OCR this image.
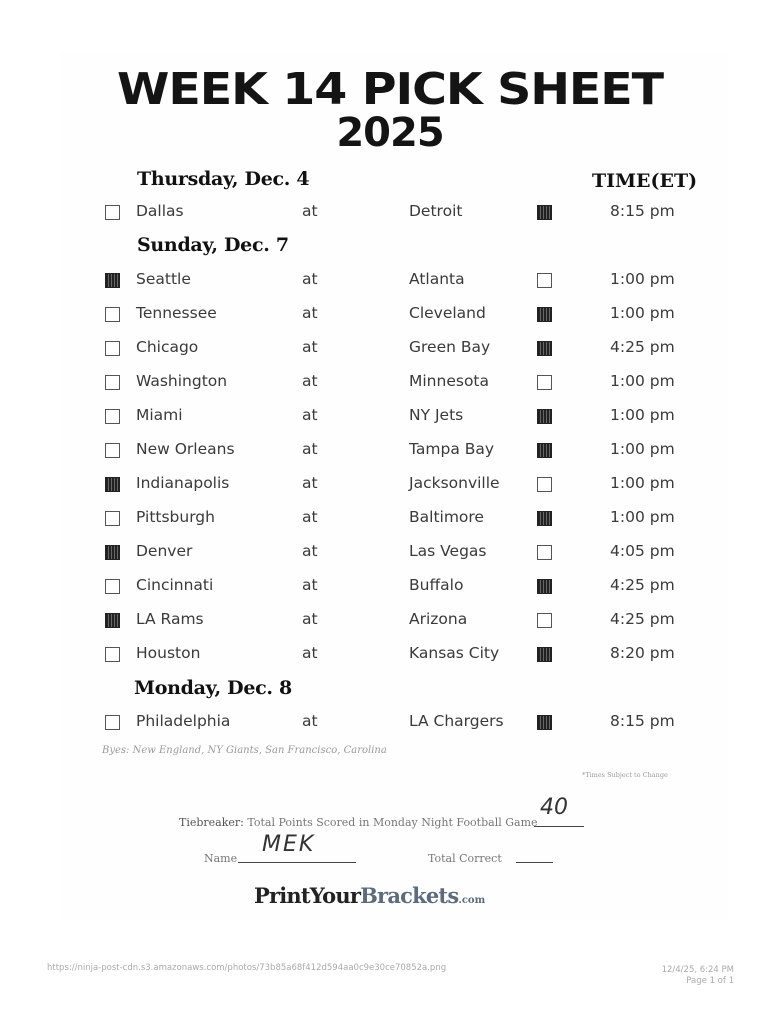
WEEK 14 PICK SHEET
2025
TIME(ET)
Thursday, Dec. 4
Dallas	at	Detroit	8:15 pm
Sunday, Dec. 7
Seattle	at	Atlanta	1:00 pm
Tennessee	at	Cleveland	1:00 pm
Chicago	at	Green Bay	4:25 pm
Washington	at	Minnesota	1:00 pm
Miami	at	NY Jets	1:00 pm
New Orleans	at	Tampa Bay	1:00 pm
Indianapolis	at	Jacksonville	1:00 pm
Pittsburgh	at	Baltimore	1:00 pm
Denver	at	Las Vegas	4:05 pm
Cincinnati	at	Buffalo	4:25 pm
LA Rams	at	Arizona	4:25 pm
Houston	at	Kansas City	8:20 pm
Monday, Dec. 8
Philadelphia	at	LA Chargers	8:15 pm
Byes: New England, NY Giants, San Francisco, Carolina
*Times Subject to Change
Tiebreaker: Total Points Scored in Monday Night Football Game
40
Name
MEK
Total Correct
PrintYourBrackets.com
https://ninja-post-cdn.s3.amazonaws.com/photos/73b85a68f412d594aa0c9e30ce70852a.png	12/4/25, 6:24 PM
Page 1 of 1
